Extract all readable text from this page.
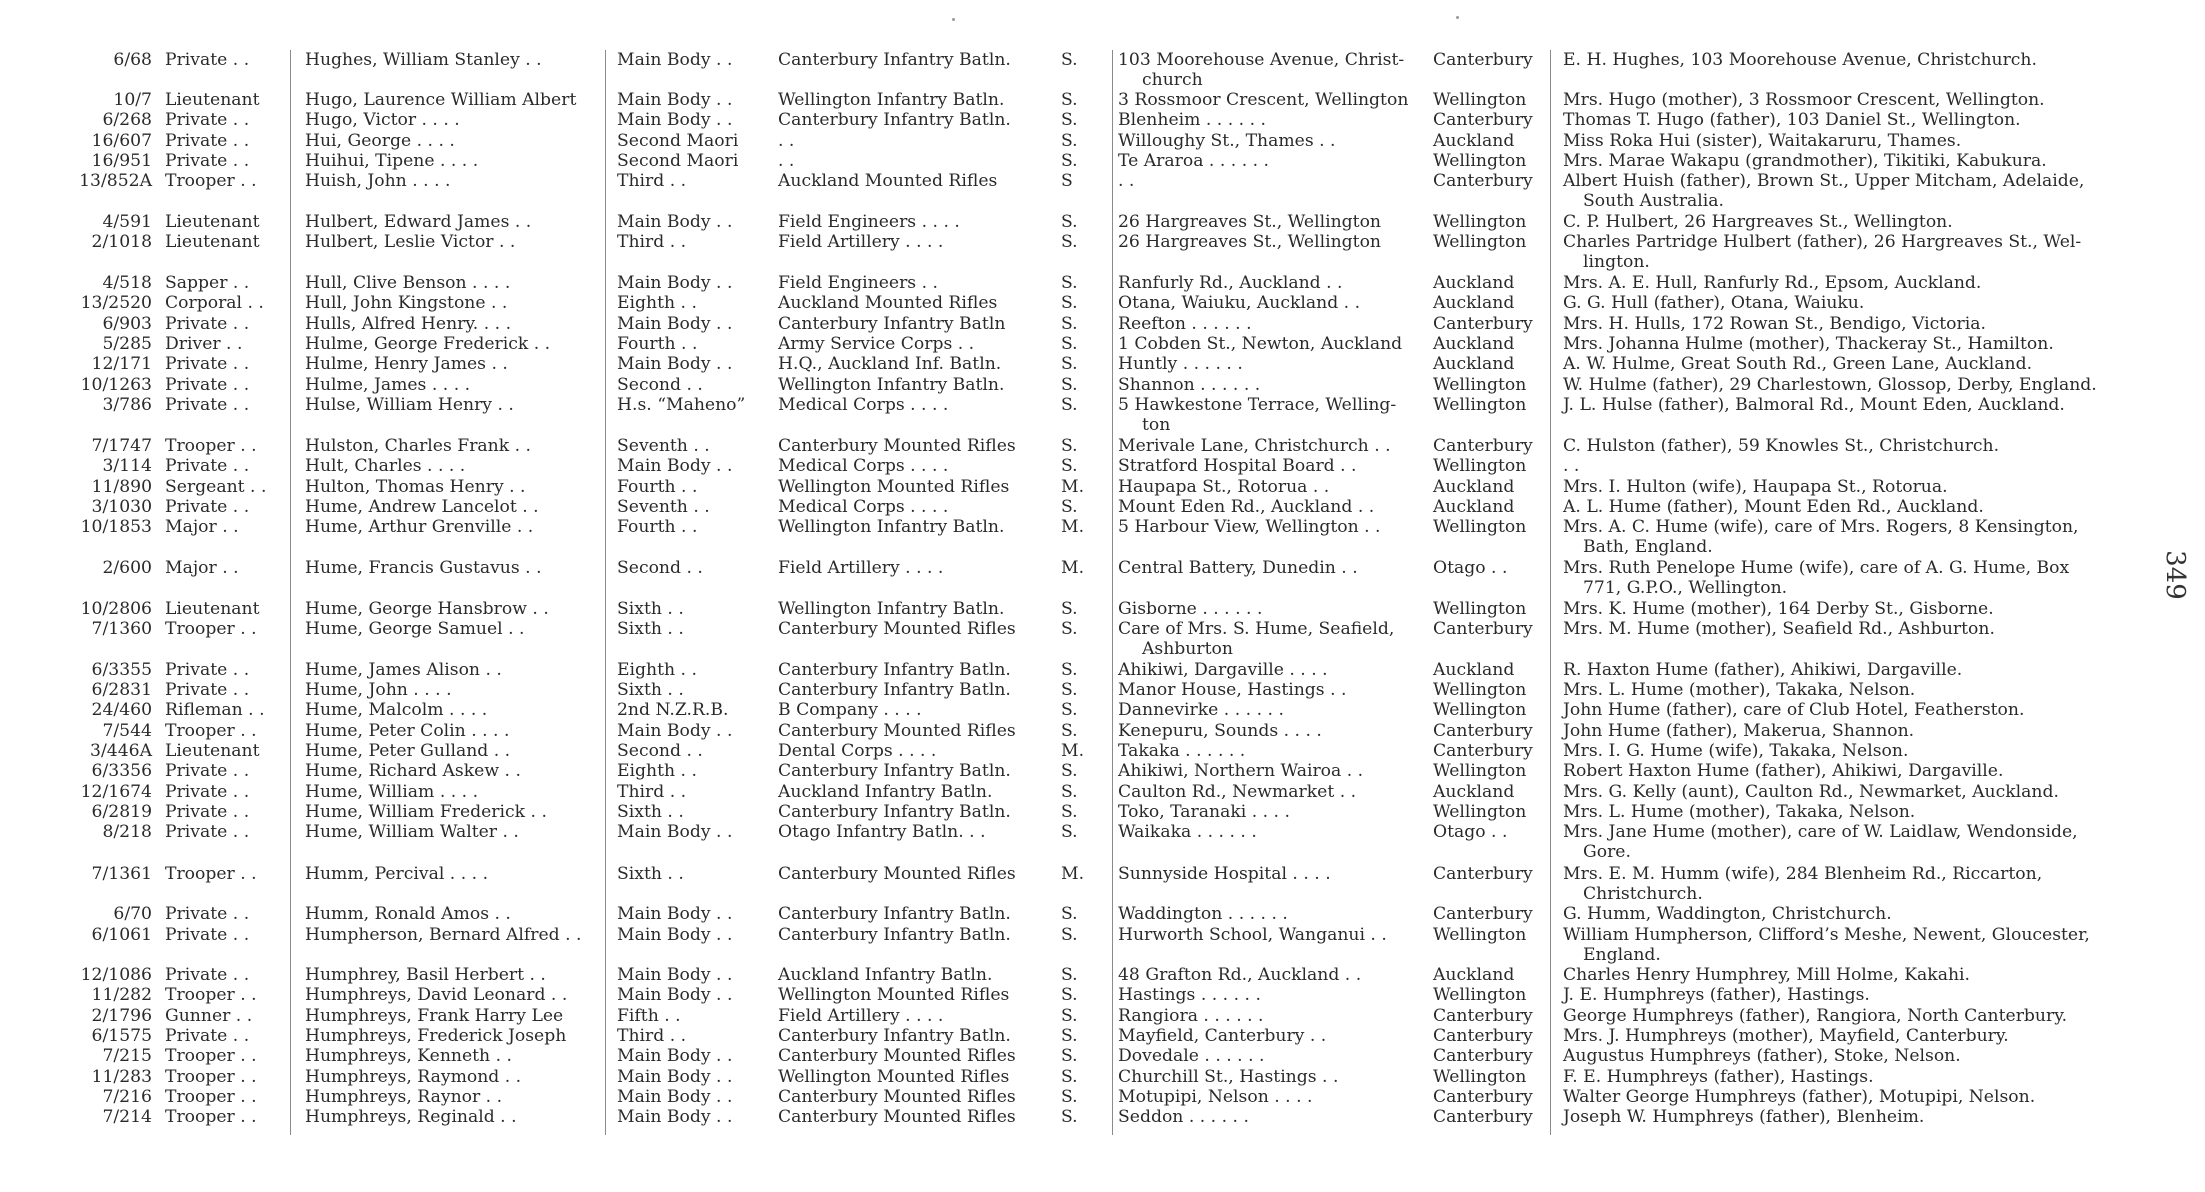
6/68 Private . .	Hughes, William Stanley . .	Main Body . .	Canterbury Infantry Batln.	S.	103 Moorehouse Avenue, Christ-	Canterbury	E. H. Hughes, 103 Moorehouse Avenue, Christchurch.
church
10/7 Lieutenant	Hugo, Laurence William Albert	Main Body . .	Wellington Infantry Batln.	S.	3 Rossmoor Crescent, Wellington	Wellington	Mrs. Hugo (mother), 3 Rossmoor Crescent, Wellington.
6/268 Private . .	Hugo, Victor . . . .	Main Body . .	Canterbury Infantry Batln.	S.	Blenheim . . . . . .	Canterbury	Thomas T. Hugo (father), 103 Daniel St., Wellington.
16/607 Private . .	Hui, George . . . .	Second Maori	. .	S.	Willoughy St., Thames . .	Auckland	Miss Roka Hui (sister), Waitakaruru, Thames.
16/951 Private . .	Huihui, Tipene . . . .	Second Maori	. .	S.	Te Araroa . . . . . .	Wellington	Mrs. Marae Wakapu (grandmother), Tikitiki, Kabukura.
13/852A Trooper . .	Huish, John . . . .	Third . .	Auckland Mounted Rifles	S	. .	Canterbury	Albert Huish (father), Brown St., Upper Mitcham, Adelaide,
South Australia.
4/591 Lieutenant	Hulbert, Edward James . .	Main Body . .	Field Engineers . . . .	S.	26 Hargreaves St., Wellington	Wellington	C. P. Hulbert, 26 Hargreaves St., Wellington.
2/1018 Lieutenant	Hulbert, Leslie Victor . .	Third . .	Field Artillery . . . .	S.	26 Hargreaves St., Wellington	Wellington	Charles Partridge Hulbert (father), 26 Hargreaves St., Wel-
lington.
4/518 Sapper . .	Hull, Clive Benson . . . .	Main Body . .	Field Engineers . .	S.	Ranfurly Rd., Auckland . .	Auckland	Mrs. A. E. Hull, Ranfurly Rd., Epsom, Auckland.
13/2520 Corporal . .	Hull, John Kingstone . .	Eighth . .	Auckland Mounted Rifles	S.	Otana, Waiuku, Auckland . .	Auckland	G. G. Hull (father), Otana, Waiuku.
6/903 Private . .	Hulls, Alfred Henry. . . .	Main Body . .	Canterbury Infantry Batln	S.	Reefton . . . . . .	Canterbury	Mrs. H. Hulls, 172 Rowan St., Bendigo, Victoria.
5/285 Driver . .	Hulme, George Frederick . .	Fourth . .	Army Service Corps . .	S.	1 Cobden St., Newton, Auckland	Auckland	Mrs. Johanna Hulme (mother), Thackeray St., Hamilton.
12/171 Private . .	Hulme, Henry James . .	Main Body . .	H.Q., Auckland Inf. Batln.	S.	Huntly . . . . . .	Auckland	A. W. Hulme, Great South Rd., Green Lane, Auckland.
10/1263 Private . .	Hulme, James . . . .	Second . .	Wellington Infantry Batln.	S.	Shannon . . . . . .	Wellington	W. Hulme (father), 29 Charlestown, Glossop, Derby, England.
3/786 Private . .	Hulse, William Henry . .	H.s. “Maheno”	Medical Corps . . . .	S.	5 Hawkestone Terrace, Welling-	Wellington	J. L. Hulse (father), Balmoral Rd., Mount Eden, Auckland.
ton
7/1747 Trooper . .	Hulston, Charles Frank . .	Seventh . .	Canterbury Mounted Rifles	S.	Merivale Lane, Christchurch . .	Canterbury	C. Hulston (father), 59 Knowles St., Christchurch.
3/114 Private . .	Hult, Charles . . . .	Main Body . .	Medical Corps . . . .	S.	Stratford Hospital Board . .	Wellington	. .
11/890 Sergeant . .	Hulton, Thomas Henry . .	Fourth . .	Wellington Mounted Rifles	M. Haupapa St., Rotorua . .	Auckland	Mrs. I. Hulton (wife), Haupapa St., Rotorua.
3/1030 Private . .	Hume, Andrew Lancelot . .	Seventh . .	Medical Corps . . . .	S.	Mount Eden Rd., Auckland . .	Auckland	A. L. Hume (father), Mount Eden Rd., Auckland.
10/1853 Major . .	Hume, Arthur Grenville . .	Fourth . .	Wellington Infantry Batln.	M. 5 Harbour View, Wellington . .	Wellington	Mrs. A. C. Hume (wife), care of Mrs. Rogers, 8 Kensington,
Bath, England.
2/600 Major . .	Hume, Francis Gustavus . .	Second . .	Field Artillery . . . .	M. Central Battery, Dunedin . .	Otago . .	Mrs. Ruth Penelope Hume (wife), care of A. G. Hume, Box
771, G.P.O., Wellington.
10/2806 Lieutenant	Hume, George Hansbrow . .	Sixth . .	Wellington Infantry Batln.	S.	Gisborne . . . . . .	Wellington	Mrs. K. Hume (mother), 164 Derby St., Gisborne.
7/1360 Trooper . .	Hume, George Samuel . .	Sixth . .	Canterbury Mounted Rifles	S.	Care of Mrs. S. Hume, Seafield,	Canterbury	Mrs. M. Hume (mother), Seafield Rd., Ashburton.
Ashburton
6/3355 Private . .	Hume, James Alison . .	Eighth . .	Canterbury Infantry Batln.	S.	Ahikiwi, Dargaville . . . .	Auckland	R. Haxton Hume (father), Ahikiwi, Dargaville.
6/2831 Private . .	Hume, John . . . .	Sixth . .	Canterbury Infantry Batln.	S.	Manor House, Hastings . .	Wellington	Mrs. L. Hume (mother), Takaka, Nelson.
24/460 Rifleman . .	Hume, Malcolm . . . .	2nd N.Z.R.B.	B Company . . . .	S.	Dannevirke . . . . . .	Wellington	John Hume (father), care of Club Hotel, Featherston.
7/544 Trooper . .	Hume, Peter Colin . . . .	Main Body . .	Canterbury Mounted Rifles	S.	Kenepuru, Sounds . . . .	Canterbury	John Hume (father), Makerua, Shannon.
3/446A Lieutenant	Hume, Peter Gulland . .	Second . .	Dental Corps . . . .	M. Takaka . . . . . .	Canterbury	Mrs. I. G. Hume (wife), Takaka, Nelson.
6/3356 Private . .	Hume, Richard Askew . .	Eighth . .	Canterbury Infantry Batln.	S.	Ahikiwi, Northern Wairoa . .	Wellington	Robert Haxton Hume (father), Ahikiwi, Dargaville.
12/1674 Private . .	Hume, William . . . .	Third . .	Auckland Infantry Batln.	S.	Caulton Rd., Newmarket . .	Auckland	Mrs. G. Kelly (aunt), Caulton Rd., Newmarket, Auckland.
6/2819 Private . .	Hume, William Frederick . .	Sixth . .	Canterbury Infantry Batln.	S.	Toko, Taranaki . . . .	Wellington	Mrs. L. Hume (mother), Takaka, Nelson.
8/218 Private . .	Hume, William Walter . .	Main Body . .	Otago Infantry Batln. . .	S.	Waikaka . . . . . .	Otago . .	Mrs. Jane Hume (mother), care of W. Laidlaw, Wendonside,
Gore.
7/1361 Trooper . .	Humm, Percival . . . .	Sixth . .	Canterbury Mounted Rifles	M. Sunnyside Hospital . . . .	Canterbury	Mrs. E. M. Humm (wife), 284 Blenheim Rd., Riccarton,
Christchurch.
6/70 Private . .	Humm, Ronald Amos . .	Main Body . .	Canterbury Infantry Batln.	S.	Waddington . . . . . .	Canterbury	G. Humm, Waddington, Christchurch.
6/1061 Private . .	Humpherson, Bernard Alfred . .	Main Body . .	Canterbury Infantry Batln.	S.	Hurworth School, Wanganui . .	Wellington	William Humpherson, Clifford’s Meshe, Newent, Gloucester,
England.
12/1086 Private . .	Humphrey, Basil Herbert . .	Main Body . .	Auckland Infantry Batln.	S.	48 Grafton Rd., Auckland . .	Auckland	Charles Henry Humphrey, Mill Holme, Kakahi.
11/282 Trooper . .	Humphreys, David Leonard . .	Main Body . .	Wellington Mounted Rifles	S.	Hastings . . . . . .	Wellington	J. E. Humphreys (father), Hastings.
2/1796 Gunner . .	Humphreys, Frank Harry Lee	Fifth . .	Field Artillery . . . .	S.	Rangiora . . . . . .	Canterbury	George Humphreys (father), Rangiora, North Canterbury.
6/1575 Private . .	Humphreys, Frederick Joseph	Third . .	Canterbury Infantry Batln.	S.	Mayfield, Canterbury . .	Canterbury	Mrs. J. Humphreys (mother), Mayfield, Canterbury.
7/215 Trooper . .	Humphreys, Kenneth . .	Main Body . .	Canterbury Mounted Rifles	S.	Dovedale . . . . . .	Canterbury	Augustus Humphreys (father), Stoke, Nelson.
11/283 Trooper . .	Humphreys, Raymond . .	Main Body . .	Wellington Mounted Rifles	S.	Churchill St., Hastings . .	Wellington	F. E. Humphreys (father), Hastings.
7/216 Trooper . .	Humphreys, Raynor . .	Main Body . .	Canterbury Mounted Rifles	S.	Motupipi, Nelson . . . .	Canterbury	Walter George Humphreys (father), Motupipi, Nelson.
7/214 Trooper . .	Humphreys, Reginald . .	Main Body . .	Canterbury Mounted Rifles	S.	Seddon . . . . . .	Canterbury	Joseph W. Humphreys (father), Blenheim.
349
